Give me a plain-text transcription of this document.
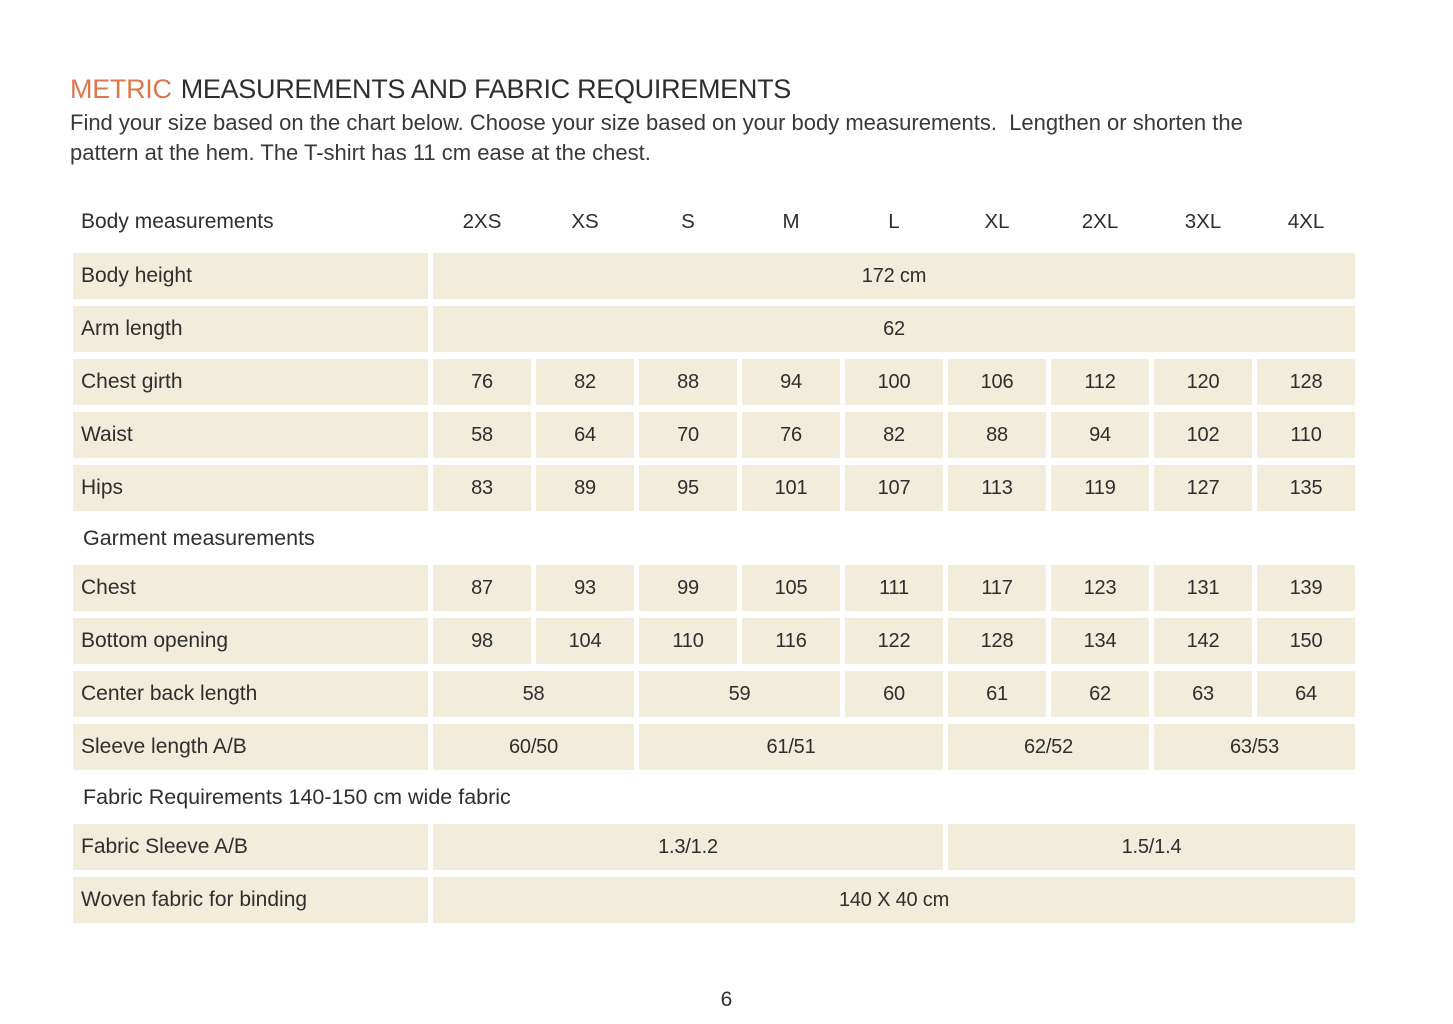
METRIC MEASUREMENTS AND FABRIC REQUIREMENTS
Find your size based on the chart below. Choose your size based on your body measurements.  Lengthen or shorten the
pattern at the hem. The T-shirt has 11 cm ease at the chest.
Body measurements	2XS	XS	S	M	L	XL	2XL	3XL	4XL
Body height	172 cm
Arm length	62
Chest girth	76	82	88	94	100	106	112	120	128
Waist	58	64	70	76	82	88	94	102	110
Hips	83	89	95	101	107	113	119	127	135
Garment measurements
Chest	87	93	99	105	111	117	123	131	139
Bottom opening	98	104	110	116	122	128	134	142	150
Center back length	58	59	60	61	62	63	64
Sleeve length A/B	60/50	61/51	62/52	63/53
Fabric Requirements 140-150 cm wide fabric
Fabric Sleeve A/B	1.3/1.2	1.5/1.4
Woven fabric for binding	140 X 40 cm
6
